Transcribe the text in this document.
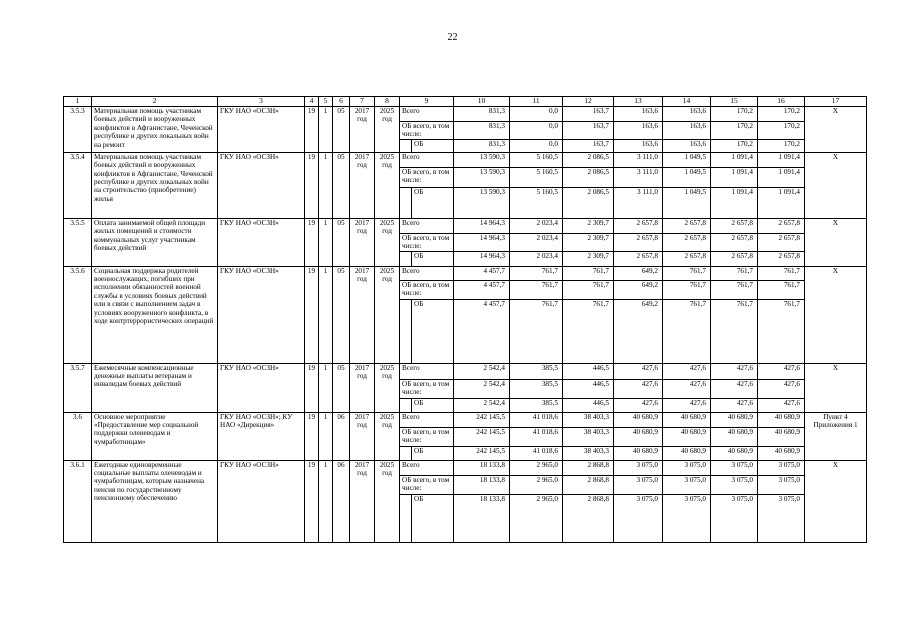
22
1	2	3	4	5	6	7	8	9		10	11	12	13	14	15	16	17
3.5.3	Материальная помощь участникам боевых действий и вооруженных конфликтов в Афганистане, Чеченской республике и других локальных войн на ремонт	ГКУ НАО «ОСЗН»	19	1	05	2017 год	2025 год	Всего		831,3	0,0	163,7	163,6	163,6	170,2	170,2	X
								ОБ всего, в том числе:		831,3	0,0	163,7	163,6	163,6	170,2	170,2	
									ОБ	831,3	0,0	163,7	163,6	163,6	170,2	170,2	
3.5.4	Материальная помощь участникам боевых действий и вооруженных конфликтов в Афганистане, Чеченской республике и других локальных войн на строительство (приобретение) жилья	ГКУ НАО «ОСЗН»	19	1	05	2017 год	2025 год	Всего		13 590,3	5 160,5	2 086,5	3 111,0	1 049,5	1 091,4	1 091,4	X
								ОБ всего, в том числе:		13 590,3	5 160,5	2 086,5	3 111,0	1 049,5	1 091,4	1 091,4	
									ОБ	13 590,3	5 160,5	2 086,5	3 111,0	1 049,5	1 091,4	1 091,4	
3.5.5	Оплата занимаемой общей площади жилых помещений и стоимости коммунальных услуг участникам боевых действий	ГКУ НАО «ОСЗН»	19	1	05	2017 год	2025 год	Всего		14 964,3	2 023,4	2 309,7	2 657,8	2 657,8	2 657,8	2 657,8	X
								ОБ всего, в том числе:		14 964,3	2 023,4	2 309,7	2 657,8	2 657,8	2 657,8	2 657,8	
									ОБ	14 964,3	2 023,4	2 309,7	2 657,8	2 657,8	2 657,8	2 657,8	
3.5.6	Социальная поддержка родителей военнослужащих, погибших при исполнении обязанностей военной службы в условиях боевых действий или в связи с выполнением задач в условиях вооруженного конфликта, в ходе контртеррористических операций	ГКУ НАО «ОСЗН»	19	1	05	2017 год	2025 год	Всего		4 457,7	761,7	761,7	649,2	761,7	761,7	761,7	X
								ОБ всего, в том числе:		4 457,7	761,7	761,7	649,2	761,7	761,7	761,7	
									ОБ	4 457,7	761,7	761,7	649,2	761,7	761,7	761,7	
3.5.7	Ежемесячные компенсационные денежные выплаты ветеранам и инвалидам боевых действий	ГКУ НАО «ОСЗН»	19	1	05	2017 год	2025 год	Всего		2 542,4	385,5	446,5	427,6	427,6	427,6	427,6	X
								ОБ всего, в том числе:		2 542,4	385,5	446,5	427,6	427,6	427,6	427,6	
									ОБ	2 542,4	385,5	446,5	427,6	427,6	427,6	427,6	
3.6	Основное мероприятие «Предоставление мер социальной поддержки оленеводам и чумработницам»	ГКУ НАО «ОСЗН»; КУ НАО «Дирекция»	19	1	06	2017 год	2025 год	Всего		242 145,5	41 018,6	38 403,3	40 680,9	40 680,9	40 680,9	40 680,9	Пункт 4 Приложения 1
								ОБ всего, в том числе:		242 145,5	41 018,6	38 403,3	40 680,9	40 680,9	40 680,9	40 680,9	
									ОБ	242 145,5	41 018,6	38 403,3	40 680,9	40 680,9	40 680,9	40 680,9	
3.6.1	Ежегодные единовременные социальные выплаты оленеводам и чумработницам, которым назначена пенсия по государственному пенсионному обеспечению	ГКУ НАО «ОСЗН»	19	1	06	2017 год	2025 год	Всего		18 133,8	2 965,0	2 868,8	3 075,0	3 075,0	3 075,0	3 075,0	X
								ОБ всего, в том числе:		18 133,8	2 965,0	2 868,8	3 075,0	3 075,0	3 075,0	3 075,0	
									ОБ	18 133,8	2 965,0	2 868,8	3 075,0	3 075,0	3 075,0	3 075,0	
